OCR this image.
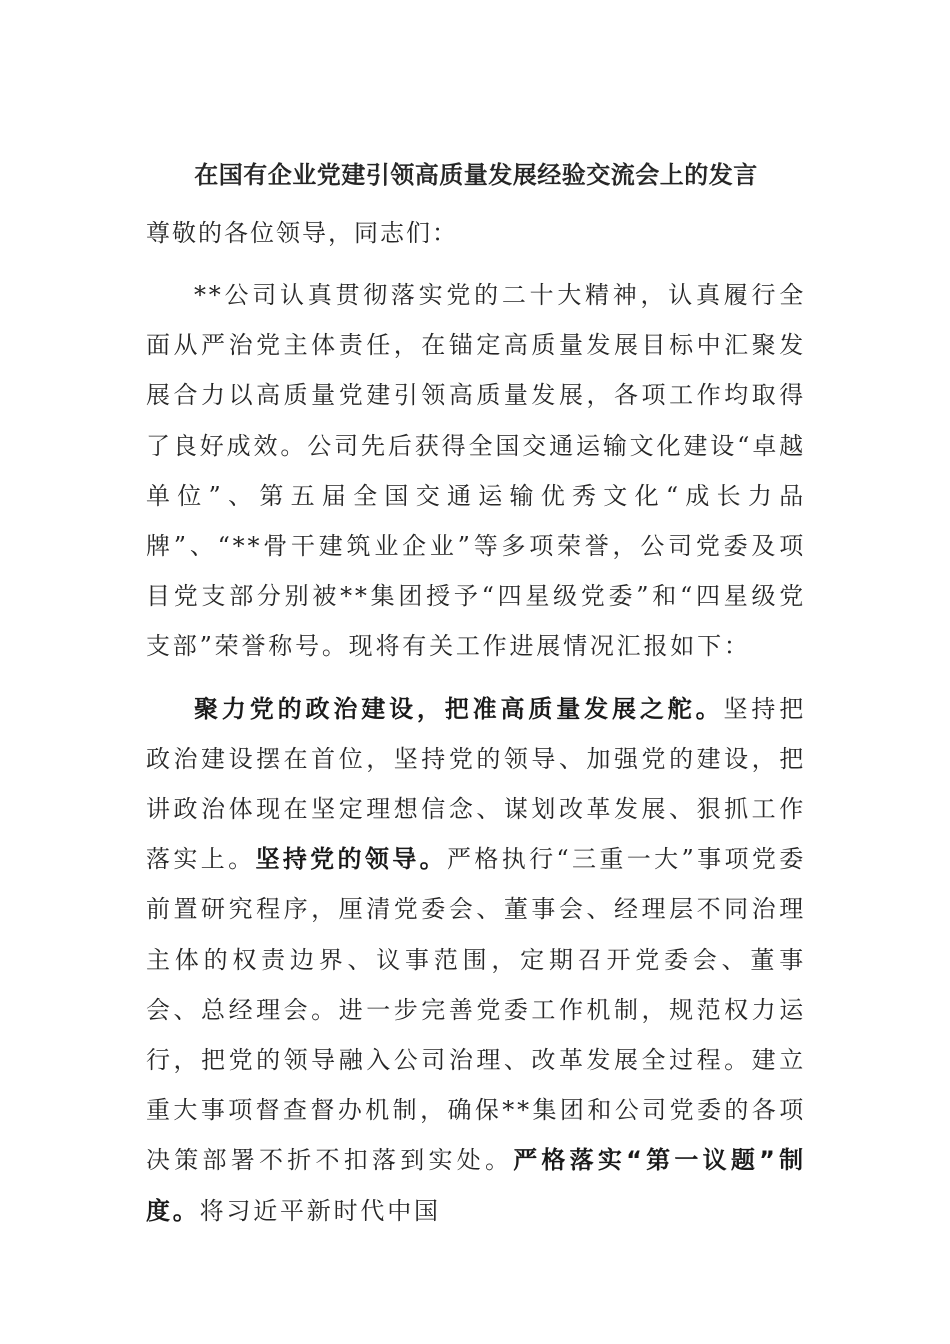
在国有企业党建引领高质量发展经验交流会上的发言

尊敬的各位领导，同志们：

**公司认真贯彻落实党的二十大精神，认真履行全面从严治党主体责任，在锚定高质量发展目标中汇聚发展合力以高质量党建引领高质量发展，各项工作均取得了良好成效。公司先后获得全国交通运输文化建设“卓越单位”、第五届全国交通运输优秀文化“成长力品牌”、“**骨干建筑业企业”等多项荣誉，公司党委及项目党支部分别被**集团授予“四星级党委”和“四星级党支部”荣誉称号。现将有关工作进展情况汇报如下：

聚力党的政治建设，把准高质量发展之舵。坚持把政治建设摆在首位，坚持党的领导、加强党的建设，把讲政治体现在坚定理想信念、谋划改革发展、狠抓工作落实上。坚持党的领导。严格执行“三重一大”事项党委前置研究程序，厘清党委会、董事会、经理层不同治理主体的权责边界、议事范围，定期召开党委会、董事会、总经理会。进一步完善党委工作机制，规范权力运行，把党的领导融入公司治理、改革发展全过程。建立重大事项督查督办机制，确保**集团和公司党委的各项决策部署不折不扣落到实处。严格落实“第一议题”制度。将习近平新时代中国
